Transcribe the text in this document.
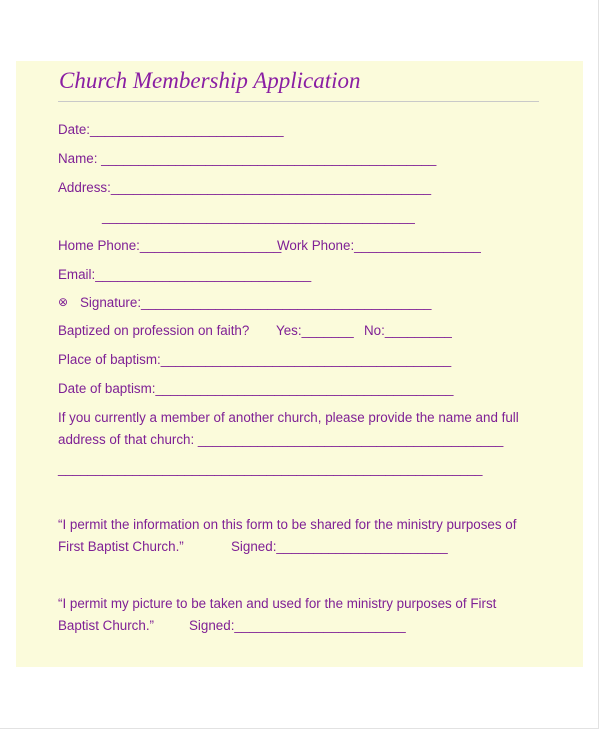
Church Membership Application
Date:__________________________
Name: _____________________________________________
Address:___________________________________________
__________________________________________
Home Phone:___________________
Work Phone:_________________
Email:_____________________________
⊗ Signature:_______________________________________
Baptized on profession on faith? Yes:_______ No:_________
Place of baptism:_______________________________________
Date of baptism:________________________________________
If you currently a member of another church, please provide the name and full
address of that church: _________________________________________
_________________________________________________________
“I permit the information on this form to be shared for the ministry purposes of
First Baptist Church.”	Signed:_______________________
“I permit my picture to be taken and used for the ministry purposes of First
Baptist Church.”	Signed:_______________________
